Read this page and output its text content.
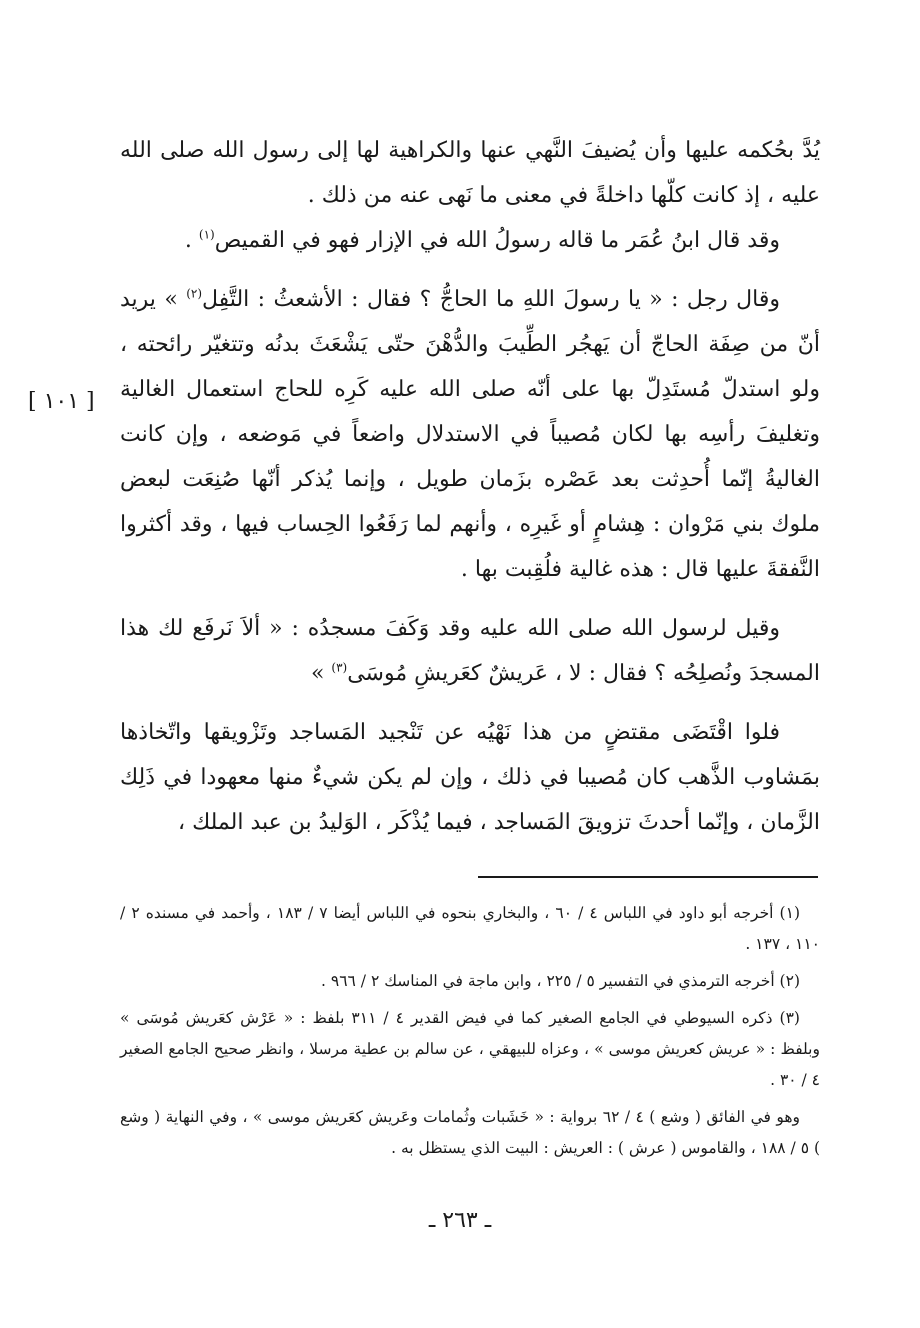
يُدَّ بحُكمه عليها وأن يُضيفَ النَّهي عنها والكراهية لها إلى رسول الله صلى الله عليه ، إذ كانت كلّها داخلةً في معنى ما نَهى عنه من ذلك .

وقد قال ابنُ عُمَر ما قاله رسولُ الله في الإزار فهو في القميص$^{(١)}$ .

وقال رجل : « يا رسولَ اللهِ ما الحاجُّ ؟ فقال : الأشعثُ : التَّفِل$^{(٢)}$ » يريد أنّ من صِفَة الحاجّ أن يَهجُر الطِّيبَ والدُّهْنَ حتّى يَشْعَثَ بدنُه وتتغيّر رائحته ، ولو استدلّ مُستَدِلّ بها على أنّه صلى الله عليه كَرِه للحاج استعمال الغالية وتغليفَ رأسِه بها لكان مُصيباً في الاستدلال واضعاً في مَوضعه ، وإن كانت الغاليةُ إنّما أُحدِثت بعد عَصْره بزَمان طويل ، وإنما يُذكر أنّها صُنِعَت لبعض ملوك بني مَرْوان : هِشامٍ أو غَيرِه ، وأنهم لما رَفَعُوا الحِساب فيها ، وقد أكثروا النَّفقةَ عليها قال : هذه غالية فلُقِبت بها .

وقيل لرسول الله صلى الله عليه وقد وَكَفَ مسجدُه : « ألاَ نَرفَع لك هذا المسجدَ ونُصلِحُه ؟ فقال : لا ، عَريشٌ كعَريشِ مُوسَى$^{(٣)}$ »

فلوا اقْتَضَى مقتضٍ من هذا نَهْيُه عن تَنْجيد المَساجد وتَزْويقها واتّخاذها بمَشاوب الذَّهب كان مُصيبا في ذلك ، وإن لم يكن شيءٌ منها معهودا في ذَلِك الزَّمان ، وإنّما أحدثَ تزويقَ المَساجد ، فيما يُذْكَر ، الوَليدُ بن عبد الملك ،

[ ١٠١ ]

(١) أخرجه أبو داود في اللباس ٤ / ٦٠ ، والبخاري بنحوه في اللباس أيضا ٧ / ١٨٣ ، وأحمد في مسنده ٢ / ١١٠ ، ١٣٧ .

(٢) أخرجه الترمذي في التفسير ٥ / ٢٢٥ ، وابن ماجة في المناسك ٢ / ٩٦٦ .

(٣) ذكره السيوطي في الجامع الصغير كما في فيض القدير ٤ / ٣١١ بلفظ : « عَرْش كعَريش مُوسَى » وبلفظ : « عريش كعريش موسى » ، وعزاه للبيهقي ، عن سالم بن عطية مرسلا ، وانظر صحيح الجامع الصغير ٤ / ٣٠ .

وهو في الفائق ( وشع ) ٤ / ٦٢ برواية : « خَشَبات وثُمامات وعَريش كعَريش موسى » ، وفي النهاية ( وشع ) ٥ / ١٨٨ ، والقاموس ( عرش ) : العريش : البيت الذي يستظل به .

ـ ٢٦٣ ـ
